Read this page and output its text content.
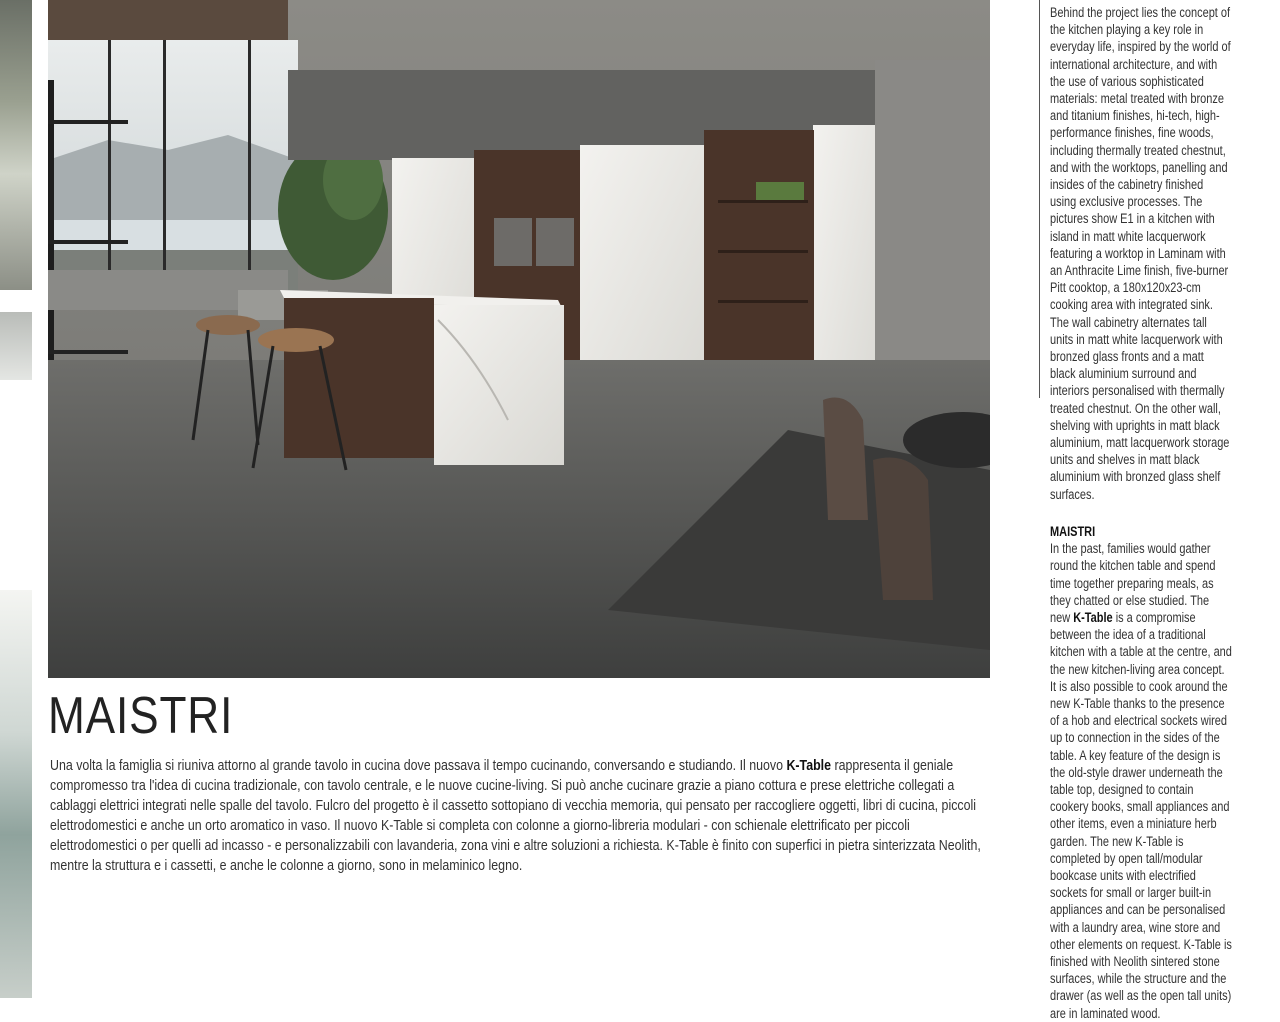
MAISTRI

Una volta la famiglia si riuniva attorno al grande tavolo in cucina dove passava il tempo cucinando, conversando e studiando. Il nuovo K-Table rappresenta il geniale compromesso tra l'idea di cucina tradizionale, con tavolo centrale, e le nuove cucine-living. Si può anche cucinare grazie a piano cottura e prese elettriche collegati a cablaggi elettrici integrati nelle spalle del tavolo. Fulcro del progetto è il cassetto sottopiano di vecchia memoria, qui pensato per raccogliere oggetti, libri di cucina, piccoli elettrodomestici e anche un orto aromatico in vaso. Il nuovo K-Table si completa con colonne a giorno-libreria modulari - con schienale elettrificato per piccoli elettrodomestici o per quelli ad incasso - e personalizzabili con lavanderia, zona vini e altre soluzioni a richiesta. K-Table è finito con superfici in pietra sinterizzata Neolith, mentre la struttura e i cassetti, e anche le colonne a giorno, sono in melaminico legno.

Behind the project lies the concept of the kitchen playing a key role in everyday life, inspired by the world of international architecture, and with the use of various sophisticated materials: metal treated with bronze and titanium finishes, hi-tech, high-performance finishes, fine woods, including thermally treated chestnut, and with the worktops, panelling and insides of the cabinetry finished using exclusive processes. The pictures show E1 in a kitchen with island in matt white lacquerwork featuring a worktop in Laminam with an Anthracite Lime finish, five-burner Pitt cooktop, a 180x120x23-cm cooking area with integrated sink. The wall cabinetry alternates tall units in matt white lacquerwork with bronzed glass fronts and a matt black aluminium surround and interiors personalised with thermally treated chestnut. On the other wall, shelving with uprights in matt black aluminium, matt lacquerwork storage units and shelves in matt black aluminium with bronzed glass shelf surfaces.

MAISTRI

In the past, families would gather round the kitchen table and spend time together preparing meals, as they chatted or else studied. The new K-Table is a compromise between the idea of a traditional kitchen with a table at the centre, and the new kitchen-living area concept. It is also possible to cook around the new K-Table thanks to the presence of a hob and electrical sockets wired up to connection in the sides of the table. A key feature of the design is the old-style drawer underneath the table top, designed to contain cookery books, small appliances and other items, even a miniature herb garden. The new K-Table is completed by open tall/modular bookcase units with electrified sockets for small or larger built-in appliances and can be personalised with a laundry area, wine store and other elements on request. K-Table is finished with Neolith sintered stone surfaces, while the structure and the drawer (as well as the open tall units) are in laminated wood.
